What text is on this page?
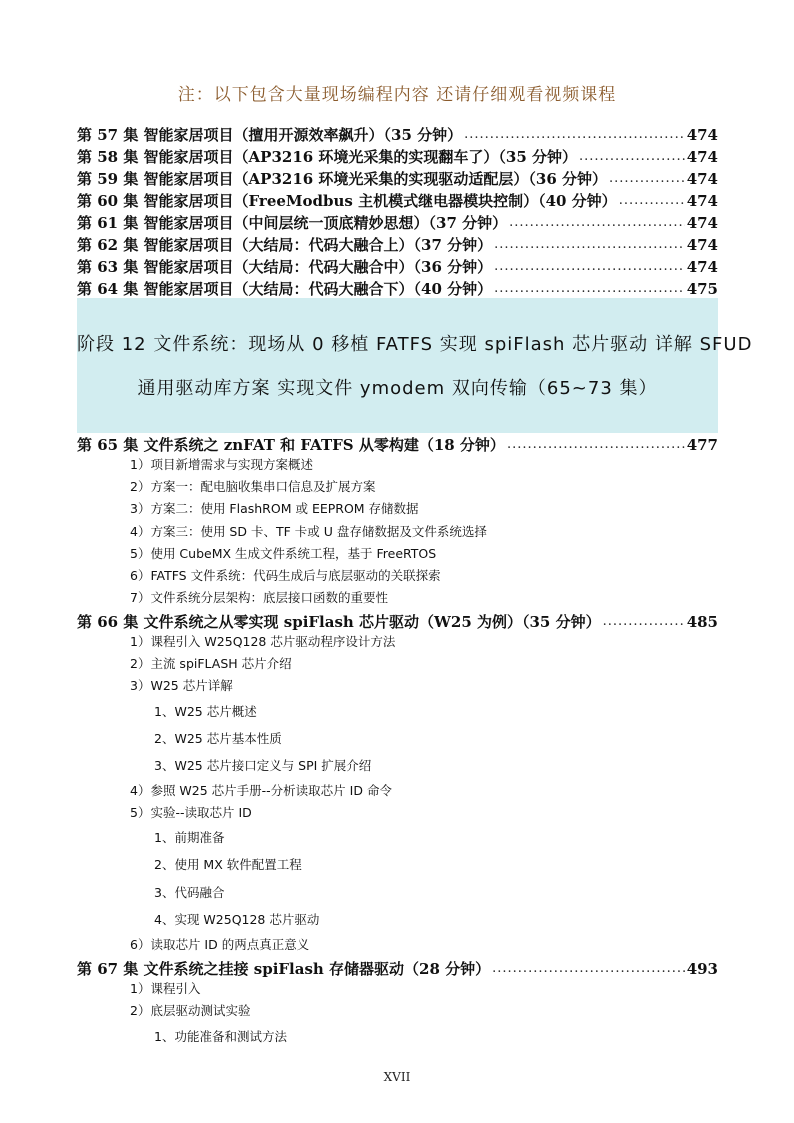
注：以下包含大量现场编程内容 还请仔细观看视频课程
第 57 集 智能家居项目（擅用开源效率飙升）（35 分钟） .....	474
第 58 集 智能家居项目（AP3216 环境光采集的实现翻车了）（35 分钟） .....	474
第 59 集 智能家居项目（AP3216 环境光采集的实现驱动适配层）（36 分钟） .....	474
第 60 集 智能家居项目（FreeModbus 主机模式继电器模块控制）（40 分钟） .....	474
第 61 集 智能家居项目（中间层统一顶底精妙思想）（37 分钟） .....	474
第 62 集 智能家居项目（大结局：代码大融合上）（37 分钟） .....	474
第 63 集 智能家居项目（大结局：代码大融合中）（36 分钟） .....	474
第 64 集 智能家居项目（大结局：代码大融合下）（40 分钟） .....	475
第 65 集 文件系统之 znFAT 和 FATFS 从零构建（18 分钟） .....	477
1）项目新增需求与实现方案概述
2）方案一：配电脑收集串口信息及扩展方案
3）方案二：使用 FlashROM 或 EEPROM 存储数据
4）方案三：使用 SD 卡、TF 卡或 U 盘存储数据及文件系统选择
5）使用 CubeMX 生成文件系统工程，基于 FreeRTOS
6）FATFS 文件系统：代码生成后与底层驱动的关联探索
7）文件系统分层架构：底层接口函数的重要性
第 66 集 文件系统之从零实现 spiFlash 芯片驱动（W25 为例）（35 分钟） .....	485
1）课程引入 W25Q128 芯片驱动程序设计方法
2）主流 spiFLASH 芯片介绍
3）W25 芯片详解
1、W25 芯片概述
2、W25 芯片基本性质
3、W25 芯片接口定义与 SPI 扩展介绍
4）参照 W25 芯片手册--分析读取芯片 ID 命令
5）实验--读取芯片 ID
1、前期准备
2、使用 MX 软件配置工程
3、代码融合
4、实现 W25Q128 芯片驱动
6）读取芯片 ID 的两点真正意义
第 67 集 文件系统之挂接 spiFlash 存储器驱动（28 分钟） .....	493
1）课程引入
2）底层驱动测试实验
1、功能准备和测试方法
阶段 12 文件系统：现场从 0 移植 FATFS 实现 spiFlash 芯片驱动 详解 SFUD
通用驱动库方案 实现文件 ymodem 双向传输（65~73 集）
XVII
